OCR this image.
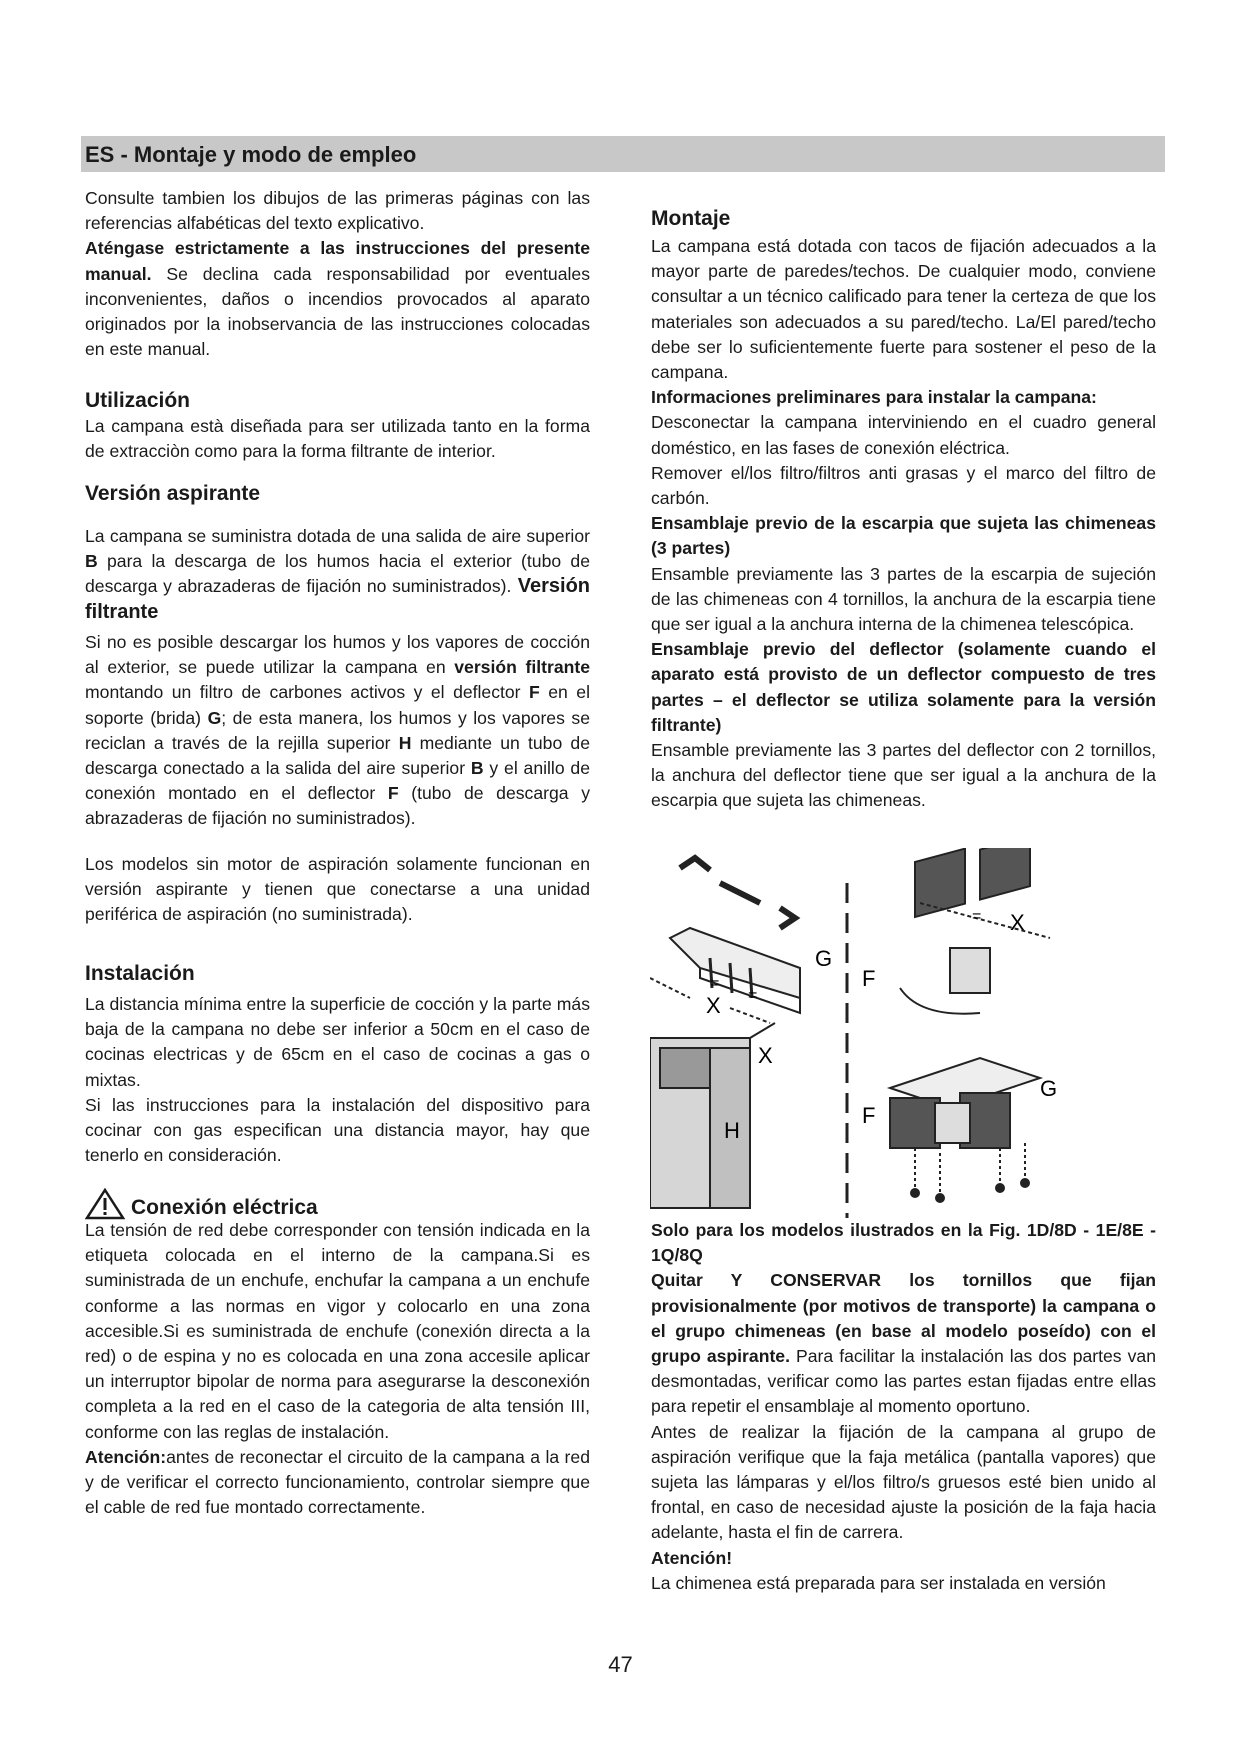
ES - Montaje y modo de empleo
Consulte tambien los dibujos de las primeras páginas con las referencias alfabéticas del texto explicativo.
Aténgase estrictamente a las instrucciones del presente manual. Se declina cada responsabilidad por eventuales inconvenientes, daños o incendios provocados al aparato originados por la inobservancia de las instrucciones colocadas en este manual.
Utilización
La campana està diseñada para ser utilizada tanto en la forma de extracciòn como para la forma filtrante de interior.
Versión aspirante
La campana se suministra dotada de una salida de aire superior B para la descarga de los humos hacia el exterior (tubo de descarga y abrazaderas de fijación no suministrados). Versión filtrante
Si no es posible descargar los humos y los vapores de cocción al exterior, se puede utilizar la campana en versión filtrante montando un filtro de carbones activos y el deflector F en el soporte (brida) G; de esta manera, los humos y los vapores se reciclan a través de la rejilla superior H mediante un tubo de descarga conectado a la salida del aire superior B y el anillo de conexión montado en el deflector F (tubo de descarga y abrazaderas de fijación no suministrados).
Los modelos sin motor de aspiración solamente funcionan en versión aspirante y tienen que conectarse a una unidad periférica de aspiración (no suministrada).
Instalación
La distancia mínima entre la superficie de cocción y la parte más baja de la campana no debe ser inferior a 50cm en el caso de cocinas electricas y de 65cm en el caso de cocinas a gas o mixtas.
Si las instrucciones para la instalación del dispositivo para cocinar con gas especifican una distancia mayor, hay que tenerlo en consideración.
Conexión eléctrica
La tensión de red debe corresponder con tensión indicada en la etiqueta colocada en el interno de la campana.Si es suministrada de un enchufe, enchufar la campana a un enchufe conforme a las normas en vigor y colocarlo en una zona accesible.Si es suministrada de enchufe (conexión directa a la red) o de espina y no es colocada en una zona accesile aplicar un interruptor bipolar de norma para asegurarse la desconexión completa a la red en el caso de la categoria de alta tensión III, conforme con las reglas de instalación.
Atención:antes de reconectar el circuito de la campana a la red y de verificar el correcto funcionamiento, controlar siempre que el cable de red fue montado correctamente.
Montaje
La campana está dotada con tacos de fijación adecuados a la mayor parte de paredes/techos. De cualquier modo, conviene consultar a un técnico calificado para tener la certeza de que los materiales son adecuados a su pared/techo. La/El pared/techo debe ser lo suficientemente fuerte para sostener el peso de la campana.
Informaciones preliminares para instalar la campana:
Desconectar la campana interviniendo en el cuadro general doméstico, en las fases de conexión eléctrica.
Remover el/los filtro/filtros anti grasas y el marco del filtro de carbón.
Ensamblaje previo de la escarpia que sujeta las chimeneas (3 partes)
Ensamble previamente las 3 partes de la escarpia de sujeción de las chimeneas con 4 tornillos, la anchura de la escarpia tiene que ser igual a la anchura interna de la chimenea telescópica.
Ensamblaje previo del deflector (solamente cuando el aparato está provisto de un deflector compuesto de tres partes – el deflector se utiliza solamente para la versión filtrante)
Ensamble previamente las 3 partes del deflector con 2 tornillos, la anchura del deflector tiene que ser igual a la anchura de la escarpia que sujeta las chimeneas.
Solo para los modelos ilustrados en la Fig. 1D/8D - 1E/8E - 1Q/8Q
Quitar Y CONSERVAR los tornillos que fijan provisionalmente (por motivos de transporte) la campana o el grupo chimeneas (en base al modelo poseído) con el grupo aspirante. Para facilitar la instalación las dos partes van desmontadas, verificar como las partes estan fijadas entre ellas para repetir el ensamblaje al momento oportuno.
Antes de realizar la fijación de la campana al grupo de aspiración verifique que la faja metálica (pantalla vapores) que sujeta las lámparas y el/los filtro/s gruesos esté bien unido al frontal, en caso de necesidad ajuste la posición de la faja hacia adelante, hasta el fin de carrera.
Atención!
La chimenea está preparada para ser instalada en versión
G
F
X
X
X
=
=
=
G
F
H
47
